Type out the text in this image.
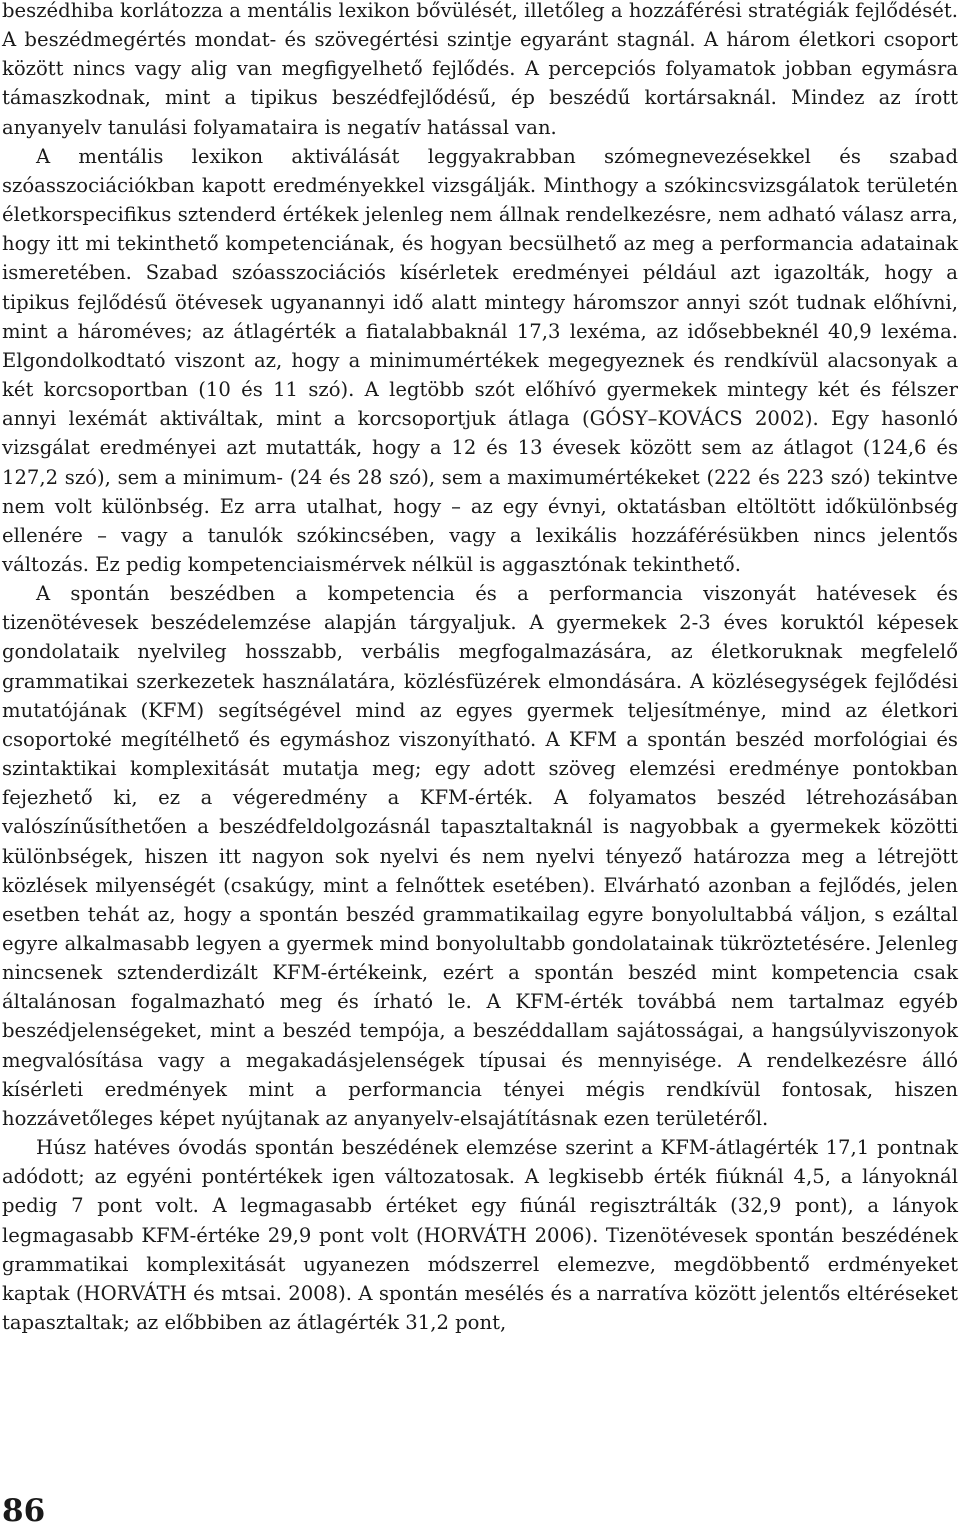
beszédhiba korlátozza a mentális lexikon bővülését, illetőleg a hozzáférési stratégiák fejlődését. A beszédmegértés mondat- és szövegértési szintje egyaránt stagnál. A három életkori csoport között nincs vagy alig van megfigyelhető fejlődés. A percepciós folyamatok jobban egymásra támaszkodnak, mint a tipikus beszédfejlődésű, ép beszédű kortársaknál. Mindez az írott anyanyelv tanulási folyamataira is negatív hatással van.

A mentális lexikon aktiválását leggyakrabban szómegnevezésekkel és szabad szóasszociációkban kapott eredményekkel vizsgálják. Minthogy a szókincsvizsgálatok területén életkorspecifikus sztenderd értékek jelenleg nem állnak rendelkezésre, nem adható válasz arra, hogy itt mi tekinthető kompetenciának, és hogyan becsülhető az meg a performancia adatainak ismeretében. Szabad szóasszociációs kísérletek eredményei például azt igazolták, hogy a tipikus fejlődésű ötévesek ugyanannyi idő alatt mintegy háromszor annyi szót tudnak előhívni, mint a hároméves; az átlagérték a fiatalabbaknál 17,3 lexéma, az idősebbeknél 40,9 lexéma. Elgondolkodtató viszont az, hogy a minimumértékek megegyeznek és rendkívül alacsonyak a két korcsoportban (10 és 11 szó). A legtöbb szót előhívó gyermekek mintegy két és félszer annyi lexémát aktiváltak, mint a korcsoportjuk átlaga (GÓSY–KOVÁCS 2002). Egy hasonló vizsgálat eredményei azt mutatták, hogy a 12 és 13 évesek között sem az átlagot (124,6 és 127,2 szó), sem a minimum- (24 és 28 szó), sem a maximumértékeket (222 és 223 szó) tekintve nem volt különbség. Ez arra utalhat, hogy – az egy évnyi, oktatásban eltöltött időkülönbség ellenére – vagy a tanulók szókincsében, vagy a lexikális hozzáférésükben nincs jelentős változás. Ez pedig kompetenciaismérvek nélkül is aggasztónak tekinthető.

A spontán beszédben a kompetencia és a performancia viszonyát hatévesek és tizenötévesek beszédelemzése alapján tárgyaljuk. A gyermekek 2-3 éves koruktól képesek gondolataik nyelvileg hosszabb, verbális megfogalmazására, az életkoruknak megfelelő grammatikai szerkezetek használatára, közlésfüzérek elmondására. A közlésegységek fejlődési mutatójának (KFM) segítségével mind az egyes gyermek teljesítménye, mind az életkori csoportoké megítélhető és egymáshoz viszonyítható. A KFM a spontán beszéd morfológiai és szintaktikai komplexitását mutatja meg; egy adott szöveg elemzési eredménye pontokban fejezhető ki, ez a végeredmény a KFM-érték. A folyamatos beszéd létrehozásában valószínűsíthetően a beszédfeldolgozásnál tapasztaltaknál is nagyobbak a gyermekek közötti különbségek, hiszen itt nagyon sok nyelvi és nem nyelvi tényező határozza meg a létrejött közlések milyenségét (csakúgy, mint a felnőttek esetében). Elvárható azonban a fejlődés, jelen esetben tehát az, hogy a spontán beszéd grammatikailag egyre bonyolultabbá váljon, s ezáltal egyre alkalmasabb legyen a gyermek mind bonyolultabb gondolatainak tükröztetésére. Jelenleg nincsenek sztenderdizált KFM-értékeink, ezért a spontán beszéd mint kompetencia csak általánosan fogalmazható meg és írható le. A KFM-érték továbbá nem tartalmaz egyéb beszédjelenségeket, mint a beszéd tempója, a beszéddallam sajátosságai, a hangsúlyviszonyok megvalósítása vagy a megakadásjelenségek típusai és mennyisége. A rendelkezésre álló kísérleti eredmények mint a performancia tényei mégis rendkívül fontosak, hiszen hozzávetőleges képet nyújtanak az anyanyelv-elsajátításnak ezen területéről.

Húsz hatéves óvodás spontán beszédének elemzése szerint a KFM-átlagérték 17,1 pontnak adódott; az egyéni pontértékek igen változatosak. A legkisebb érték fiúknál 4,5, a lányoknál pedig 7 pont volt. A legmagasabb értéket egy fiúnál regisztrálták (32,9 pont), a lányok legmagasabb KFM-értéke 29,9 pont volt (HORVÁTH 2006). Tizenötévesek spontán beszédének grammatikai komplexitását ugyanezen módszerrel elemezve, megdöbbentő erdményeket kaptak (HORVÁTH és mtsai. 2008). A spontán mesélés és a narratíva között jelentős eltéréseket tapasztaltak; az előbbiben az átlagérték 31,2 pont,

86
